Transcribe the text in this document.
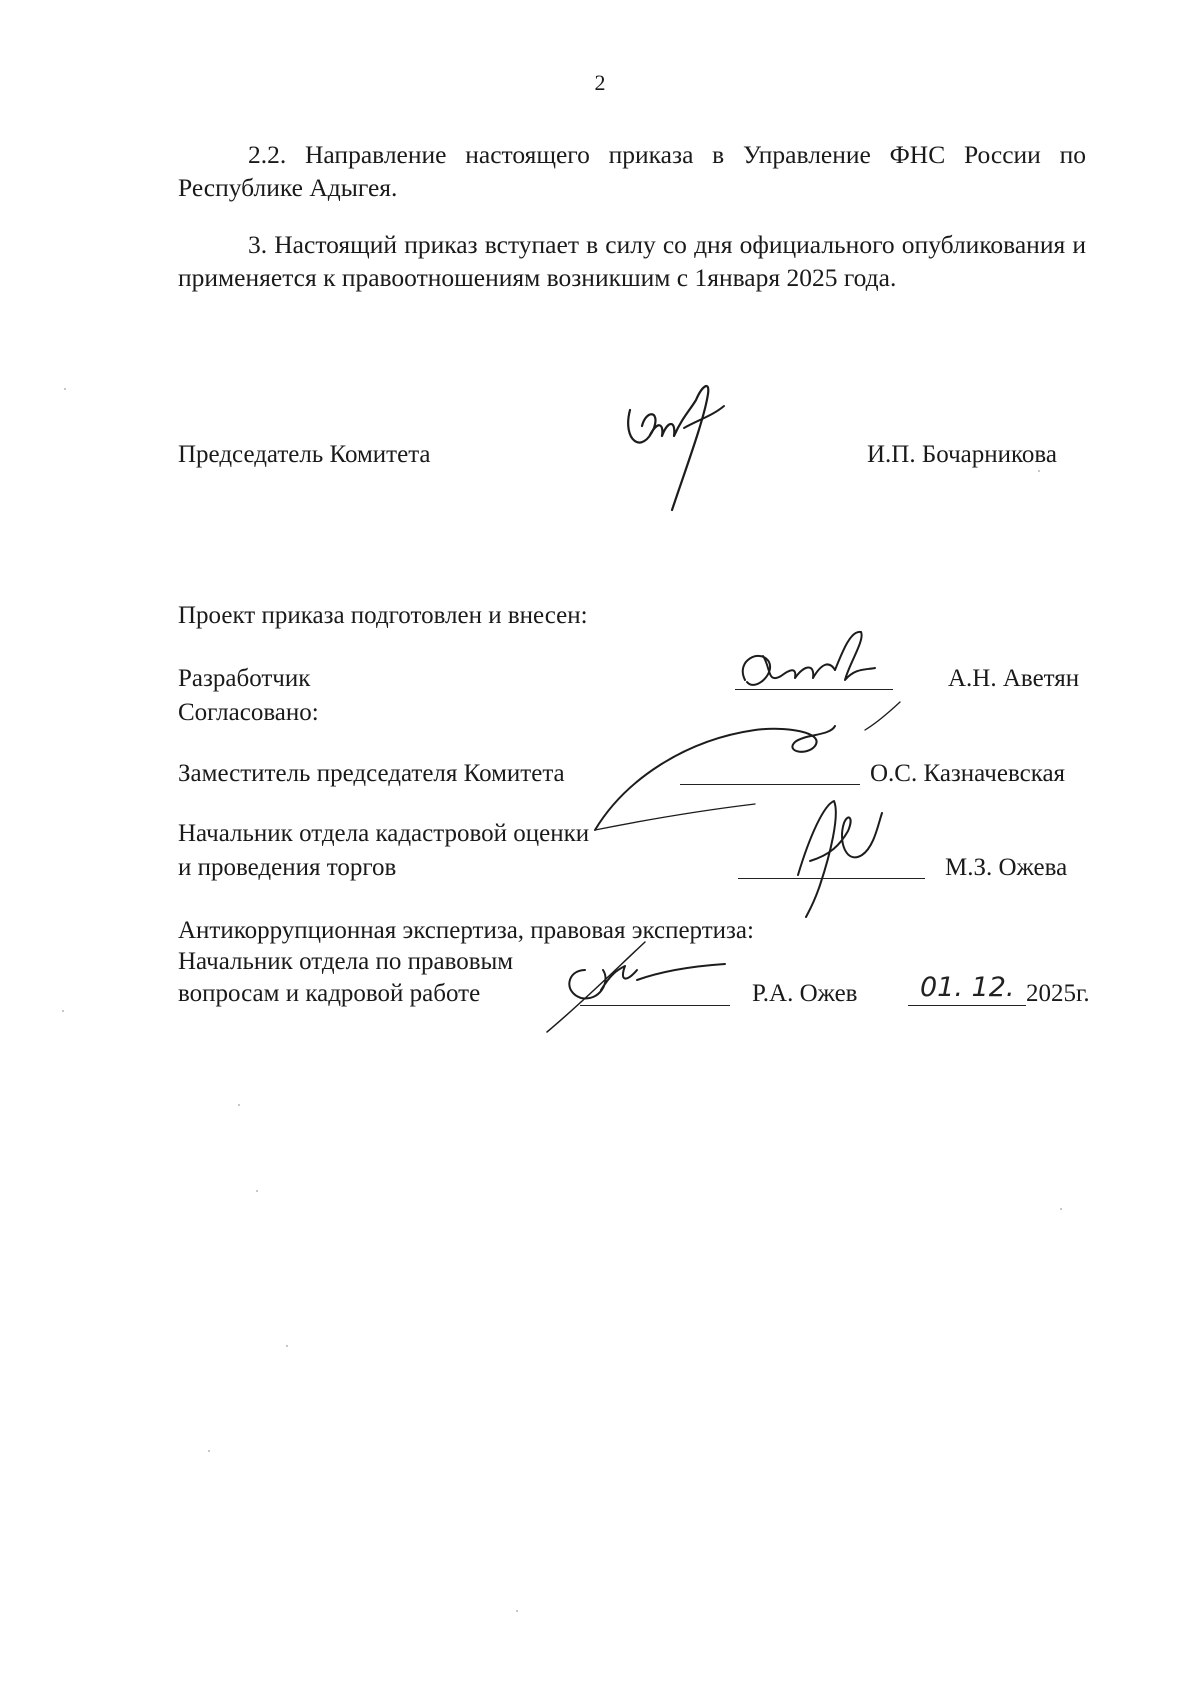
2
2.2. Направление настоящего приказа в Управление ФНС России по Республике Адыгея.
3. Настоящий приказ вступает в силу со дня официального опубликования и применяется к правоотношениям возникшим с 1января 2025 года.
Председатель Комитета	И.П. Бочарникова
Проект приказа подготовлен и внесен:
Разработчик	А.Н. Аветян
Согласовано:
Заместитель председателя Комитета	О.С. Казначевская
Начальник отдела кадастровой оценки
и проведения торгов	М.З. Ожева
Антикоррупционная экспертиза, правовая экспертиза:
Начальник отдела по правовым
вопросам и кадровой работе	Р.А. Ожев 01. 12. 2025г.
